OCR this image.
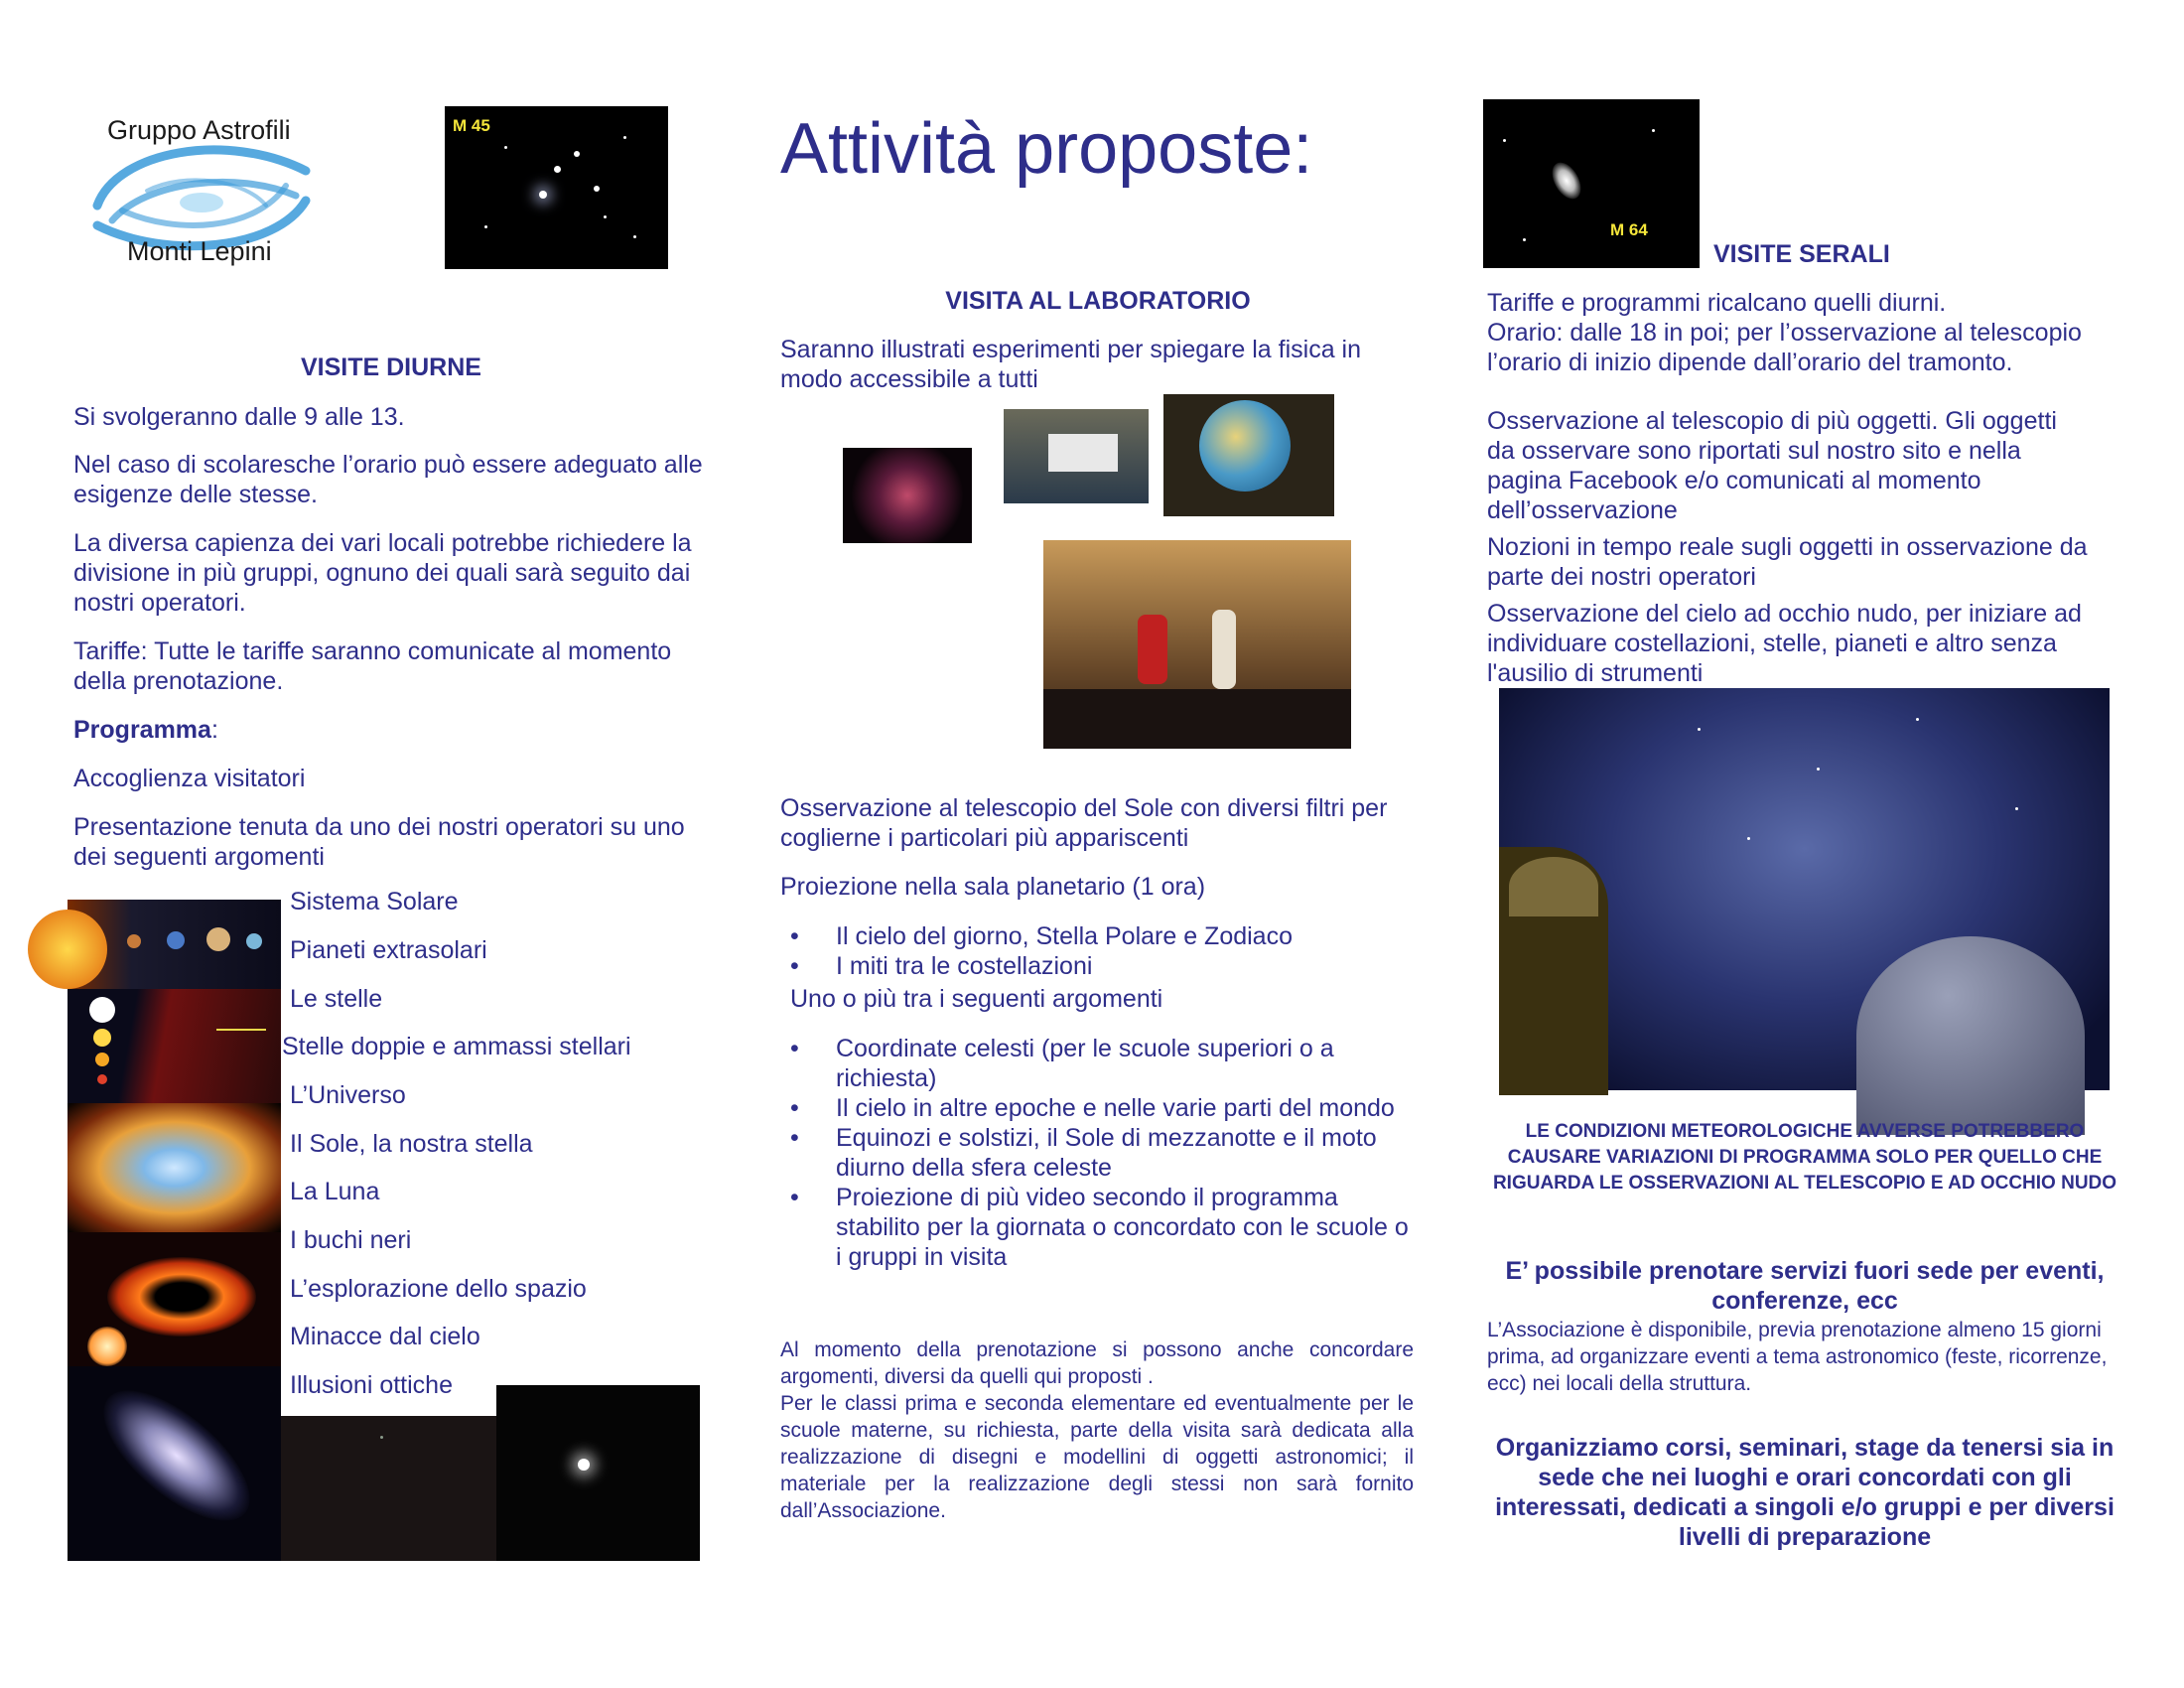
Gruppo Astrofili
Monti Lepini
M 45
VISITE DIURNE
Si svolgeranno dalle 9 alle 13.
Nel caso di scolaresche l’orario può essere adeguato alle esigenze delle stesse.
La diversa capienza dei vari locali potrebbe richiedere la divisione in più gruppi, ognuno dei quali sarà seguito dai nostri operatori.
Tariffe: Tutte le tariffe saranno comunicate al momento della prenotazione.
Programma:
Accoglienza visitatori
Presentazione tenuta da uno dei nostri operatori su uno dei seguenti argomenti
Sistema Solare
Pianeti extrasolari
Le stelle
Stelle doppie e ammassi stellari
L’Universo
Il Sole, la nostra stella
La Luna
I buchi neri
L’esplorazione dello spazio
Minacce dal cielo
Illusioni ottiche
Attività proposte:
VISITA AL LABORATORIO
Saranno illustrati esperimenti per spiegare la fisica in modo accessibile a tutti
Osservazione al telescopio del Sole con diversi filtri per coglierne i particolari più appariscenti
Proiezione nella sala planetario (1 ora)
• Il cielo del giorno, Stella Polare e Zodiaco
• I miti tra le costellazioni
Uno o più tra i seguenti argomenti
• Coordinate celesti (per le scuole superiori o a richiesta)
• Il cielo in altre epoche e nelle varie parti del mondo
• Equinozi e solstizi, il Sole di mezzanotte e il moto diurno della sfera celeste
• Proiezione di più video secondo il programma stabilito per la giornata o concordato con le scuole o i gruppi in visita
Al momento della prenotazione si possono anche concordare argomenti, diversi da quelli qui proposti .
Per le classi prima e seconda elementare ed eventualmente per le scuole materne, su richiesta, parte della visita sarà dedicata alla realizzazione di disegni e modellini di oggetti astronomici; il materiale per la realizzazione degli stessi non sarà fornito dall’Associazione.
M 64
VISITE SERALI
Tariffe e programmi ricalcano quelli diurni.
Orario: dalle 18 in poi; per l’osservazione al telescopio l’orario di inizio dipende dall’orario del tramonto.
Osservazione al telescopio di più oggetti. Gli oggetti da osservare sono riportati sul nostro sito e nella pagina Facebook e/o comunicati al momento dell’osservazione
Nozioni in tempo reale sugli oggetti in osservazione da parte dei nostri operatori
Osservazione del cielo ad occhio nudo, per iniziare ad individuare costellazioni, stelle, pianeti e altro senza l'ausilio di strumenti
LE CONDIZIONI METEOROLOGICHE AVVERSE POTREBBERO CAUSARE VARIAZIONI DI PROGRAMMA SOLO PER QUELLO CHE RIGUARDA LE OSSERVAZIONI AL TELESCOPIO E AD OCCHIO NUDO
E’ possibile prenotare servizi fuori sede per eventi, conferenze, ecc
L’Associazione è disponibile, previa prenotazione almeno 15 giorni prima, ad organizzare eventi a tema astronomico (feste, ricorrenze, ecc) nei locali della struttura.
Organizziamo corsi, seminari, stage da tenersi sia in sede che nei luoghi e orari concordati con gli interessati, dedicati a singoli e/o gruppi e per diversi livelli di preparazione
